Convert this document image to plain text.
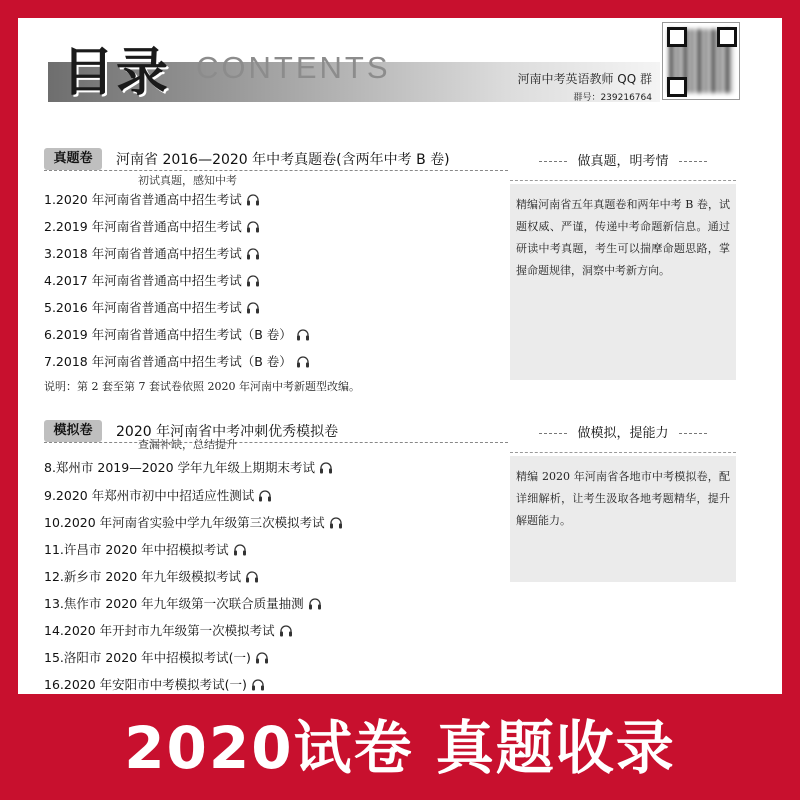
目录 CONTENTS	河南中考英语教师 QQ 群
群号：239216764
真题卷	河南省 2016—2020 年中考真题卷(含两年中考 B 卷)
初试真题，感知中考
1.2020 年河南省普通高中招生考试
2.2019 年河南省普通高中招生考试
3.2018 年河南省普通高中招生考试
4.2017 年河南省普通高中招生考试
5.2016 年河南省普通高中招生考试
6.2019 年河南省普通高中招生考试（B 卷）
7.2018 年河南省普通高中招生考试（B 卷）
说明：第 2 套至第 7 套试卷依照 2020 年河南中考新题型改编。
做真题，明考情
精编河南省五年真题卷和两年中考 B 卷，试题权威、严谨，传递中考命题新信息。通过研读中考真题，考生可以揣摩命题思路，掌握命题规律，洞察中考新方向。
模拟卷	2020 年河南省中考冲刺优秀模拟卷
查漏补缺，总结提升
8.郑州市 2019—2020 学年九年级上期期末考试
9.2020 年郑州市初中中招适应性测试
10.2020 年河南省实验中学九年级第三次模拟考试
11.许昌市 2020 年中招模拟考试
12.新乡市 2020 年九年级模拟考试
13.焦作市 2020 年九年级第一次联合质量抽测
14.2020 年开封市九年级第一次模拟考试
15.洛阳市 2020 年中招模拟考试(一)
16.2020 年安阳市中考模拟考试(一)
做模拟，提能力
精编 2020 年河南省各地市中考模拟卷，配详细解析，让考生汲取各地考题精华，提升解题能力。
2020试卷 真题收录
